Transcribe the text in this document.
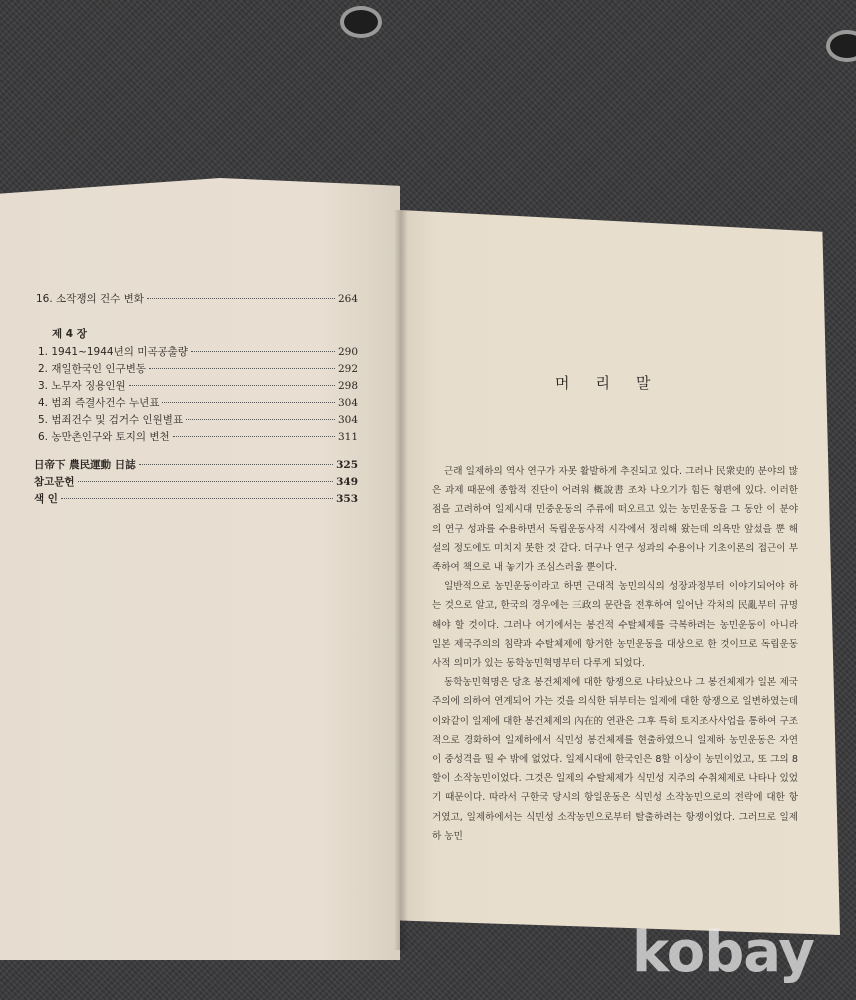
16. 소작쟁의 건수 변화	264
제 4 장
1. 1941~1944년의 미곡공출량	290
2. 재일한국인 인구변동	292
3. 노무자 징용인원	298
4. 범죄 즉결사건수 누년표	304
5. 범죄건수 및 검거수 인원별표	304
6. 농만촌인구와 토지의 변천	311
日帝下 農民運動 日誌	325
참고문헌	349
색 인	353
머리말

근래 일제하의 역사 연구가 자못 활발하게 추진되고 있다. 그러나 民衆史的 분야의 많은 과제 때문에 종합적 진단이 어려워 概說書 조차 나오기가 힘든 형편에 있다. 이러한 점을 고려하여 일제시대 민중운동의 주류에 떠오르고 있는 농민운동을 그 동안 이 분야의 연구 성과를 수용하면서 독립운동사적 시각에서 정리해 왔는데 의욕만 앞섰을 뿐 해설의 정도에도 미치지 못한 것 같다. 더구나 연구 성과의 수용이나 기초이론의 접근이 부족하여 책으로 내 놓기가 조심스러울 뿐이다.

일반적으로 농민운동이라고 하면 근대적 농민의식의 성장과정부터 이야기되어야 하는 것으로 알고, 한국의 경우에는 三政의 문란을 전후하여 일어난 각처의 民亂부터 규명해야 할 것이다. 그러나 여기에서는 봉건적 수탈체제를 극복하려는 농민운동이 아니라 일본 제국주의의 침략과 수탈체제에 항거한 농민운동을 대상으로 한 것이므로 독립운동사적 의미가 있는 동학농민혁명부터 다루게 되었다.

동학농민혁명은 당초 봉건체제에 대한 항쟁으로 나타났으나 그 봉건체제가 일본 제국주의에 의하여 연계되어 가는 것을 의식한 뒤부터는 일제에 대한 항쟁으로 일변하였는데 이와같이 일제에 대한 봉건체제의 內在的 연관은 그후 특히 토지조사사업을 통하여 구조적으로 경화하여 일제하에서 식민성 봉건체제를 현출하였으니 일제하 농민운동은 자연 이 중성격을 띨 수 밖에 없었다. 일제시대에 한국인은 8할 이상이 농민이었고, 또 그의 8할이 소작농민이었다. 그것은 일제의 수탈체제가 식민성 지주의 수취체제로 나타나 있었기 때문이다. 따라서 구한국 당시의 항일운동은 식민성 소작농민으로의 전락에 대한 항거였고, 일제하에서는 식민성 소작농민으로부터 탈출하려는 항쟁이었다. 그러므로 일제하 농민

kobay
